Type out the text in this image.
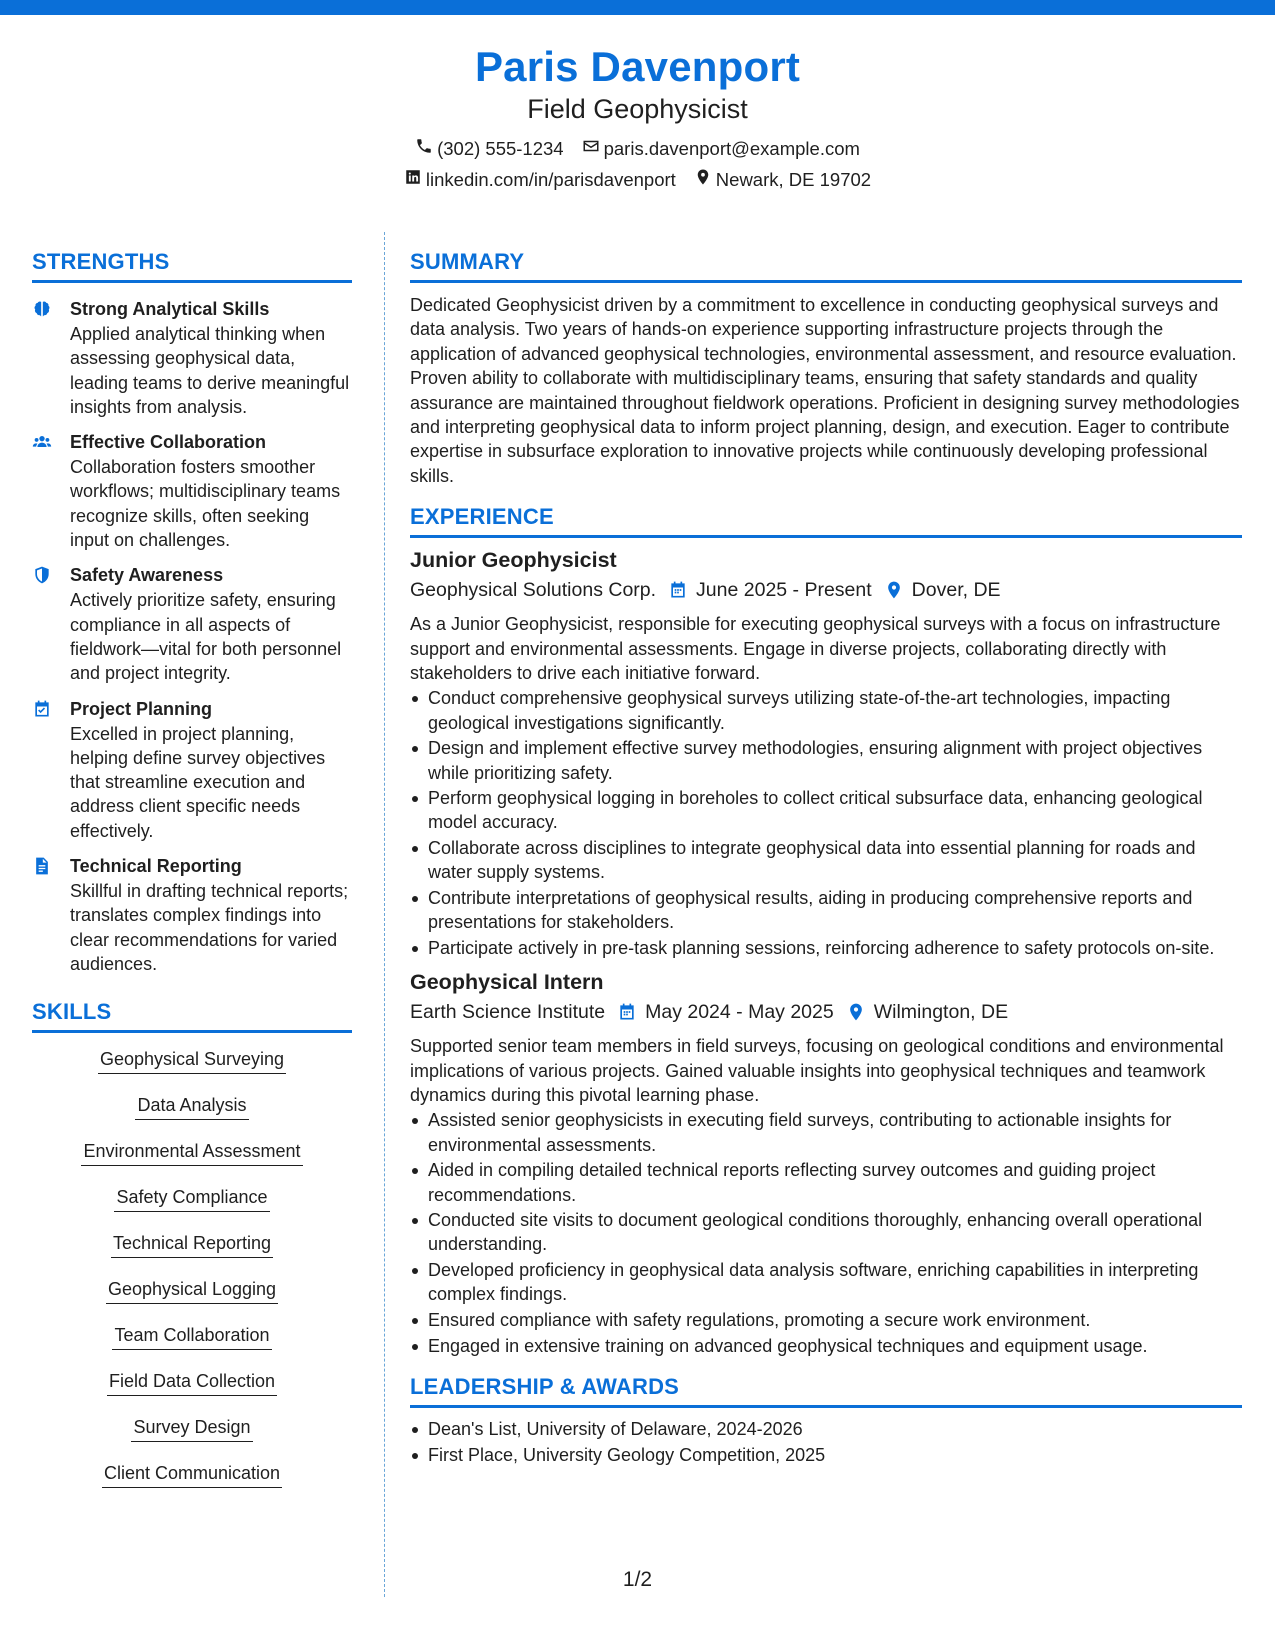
Paris Davenport
Field Geophysicist
(302) 555-1234 paris.davenport@example.com
linkedin.com/in/parisdavenport Newark, DE 19702
STRENGTHS
Strong Analytical Skills
Applied analytical thinking when assessing geophysical data, leading teams to derive meaningful insights from analysis.
Effective Collaboration
Collaboration fosters smoother workflows; multidisciplinary teams recognize skills, often seeking input on challenges.
Safety Awareness
Actively prioritize safety, ensuring compliance in all aspects of fieldwork—vital for both personnel and project integrity.
Project Planning
Excelled in project planning, helping define survey objectives that streamline execution and address client specific needs effectively.
Technical Reporting
Skillful in drafting technical reports; translates complex findings into clear recommendations for varied audiences.
SKILLS
Geophysical Surveying
Data Analysis
Environmental Assessment
Safety Compliance
Technical Reporting
Geophysical Logging
Team Collaboration
Field Data Collection
Survey Design
Client Communication
SUMMARY
Dedicated Geophysicist driven by a commitment to excellence in conducting geophysical surveys and data analysis. Two years of hands-on experience supporting infrastructure projects through the application of advanced geophysical technologies, environmental assessment, and resource evaluation. Proven ability to collaborate with multidisciplinary teams, ensuring that safety standards and quality assurance are maintained throughout fieldwork operations. Proficient in designing survey methodologies and interpreting geophysical data to inform project planning, design, and execution. Eager to contribute expertise in subsurface exploration to innovative projects while continuously developing professional skills.
EXPERIENCE
Junior Geophysicist
Geophysical Solutions Corp. June 2025 - Present Dover, DE
As a Junior Geophysicist, responsible for executing geophysical surveys with a focus on infrastructure support and environmental assessments. Engage in diverse projects, collaborating directly with stakeholders to drive each initiative forward.
Conduct comprehensive geophysical surveys utilizing state-of-the-art technologies, impacting geological investigations significantly.
Design and implement effective survey methodologies, ensuring alignment with project objectives while prioritizing safety.
Perform geophysical logging in boreholes to collect critical subsurface data, enhancing geological model accuracy.
Collaborate across disciplines to integrate geophysical data into essential planning for roads and water supply systems.
Contribute interpretations of geophysical results, aiding in producing comprehensive reports and presentations for stakeholders.
Participate actively in pre-task planning sessions, reinforcing adherence to safety protocols on-site.
Geophysical Intern
Earth Science Institute May 2024 - May 2025 Wilmington, DE
Supported senior team members in field surveys, focusing on geological conditions and environmental implications of various projects. Gained valuable insights into geophysical techniques and teamwork dynamics during this pivotal learning phase.
Assisted senior geophysicists in executing field surveys, contributing to actionable insights for environmental assessments.
Aided in compiling detailed technical reports reflecting survey outcomes and guiding project recommendations.
Conducted site visits to document geological conditions thoroughly, enhancing overall operational understanding.
Developed proficiency in geophysical data analysis software, enriching capabilities in interpreting complex findings.
Ensured compliance with safety regulations, promoting a secure work environment.
Engaged in extensive training on advanced geophysical techniques and equipment usage.
LEADERSHIP & AWARDS
Dean's List, University of Delaware, 2024-2026
First Place, University Geology Competition, 2025
1/2
